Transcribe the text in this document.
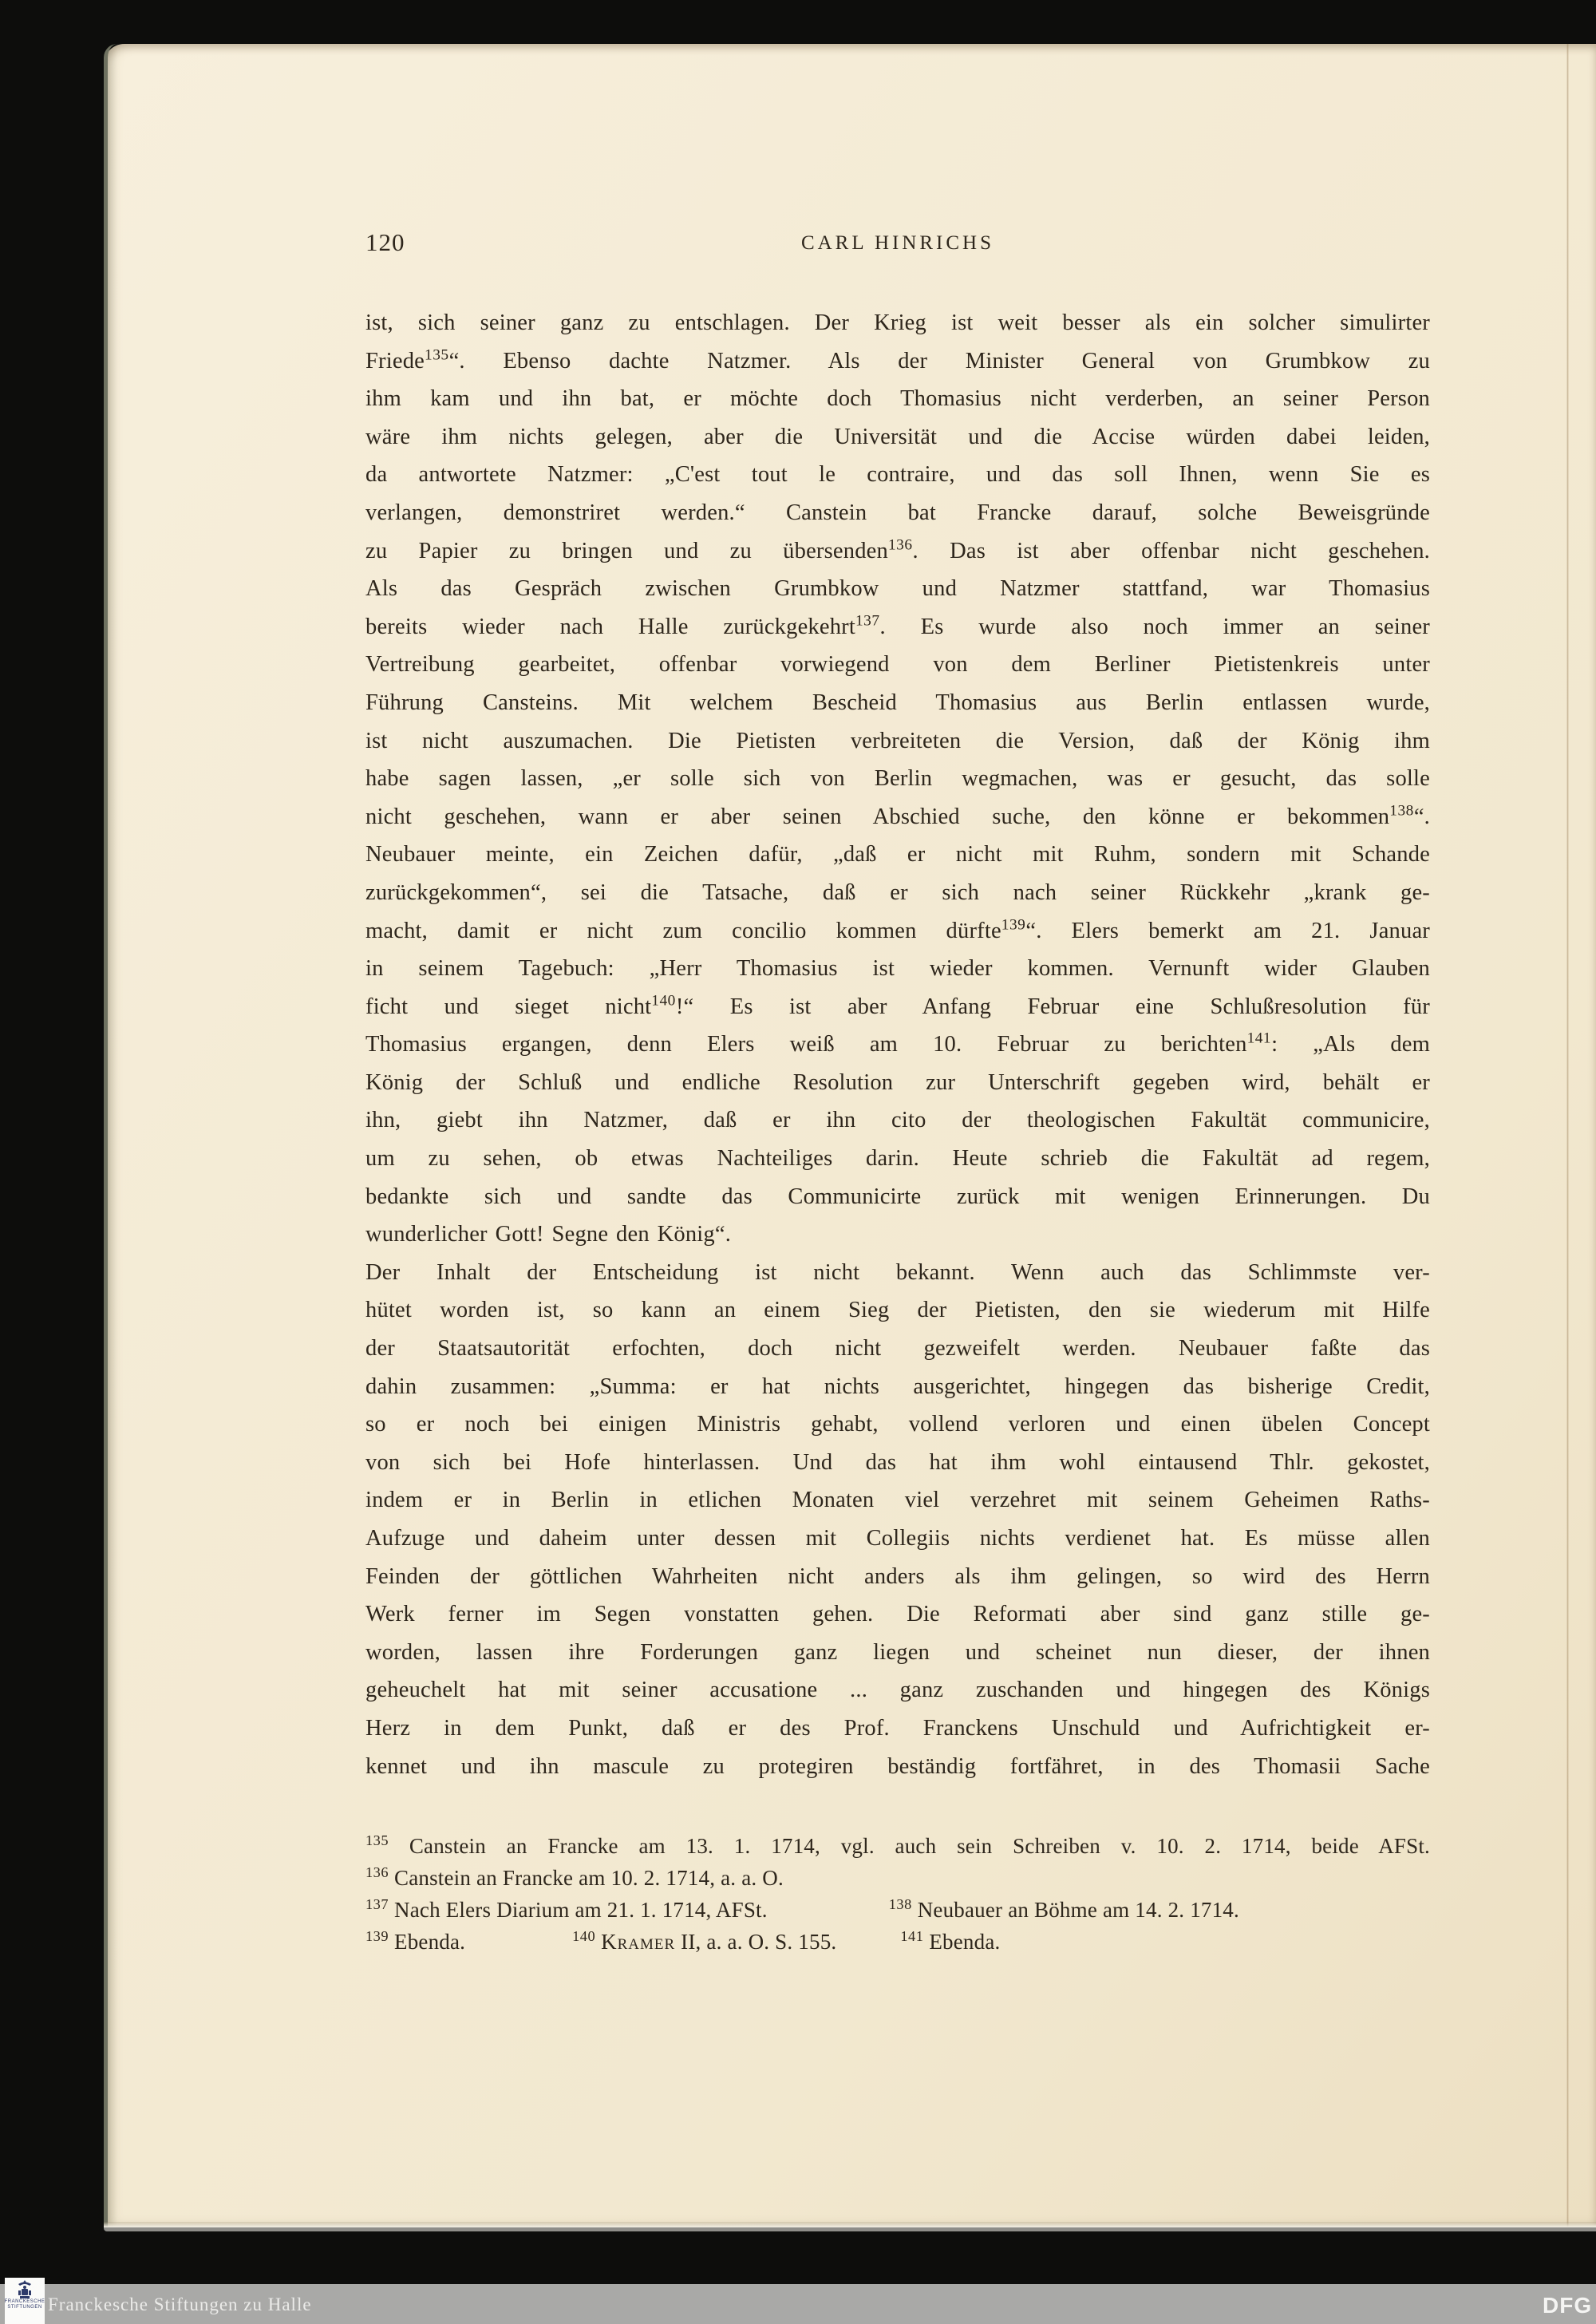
120	CARL HINRICHS
ist, sich seiner ganz zu entschlagen. Der Krieg ist weit besser als ein solcher simulirter
Friede$^{135}$“. Ebenso dachte Natzmer. Als der Minister General von Grumbkow zu
ihm kam und ihn bat, er möchte doch Thomasius nicht verderben, an seiner Person
wäre ihm nichts gelegen, aber die Universität und die Accise würden dabei leiden,
da antwortete Natzmer: „C'est tout le contraire, und das soll Ihnen, wenn Sie es
verlangen, demonstriret werden.“ Canstein bat Francke darauf, solche Beweisgründe
zu Papier zu bringen und zu übersenden$^{136}$. Das ist aber offenbar nicht geschehen.
Als das Gespräch zwischen Grumbkow und Natzmer stattfand, war Thomasius
bereits wieder nach Halle zurückgekehrt$^{137}$. Es wurde also noch immer an seiner
Vertreibung gearbeitet, offenbar vorwiegend von dem Berliner Pietistenkreis unter
Führung Cansteins. Mit welchem Bescheid Thomasius aus Berlin entlassen wurde,
ist nicht auszumachen. Die Pietisten verbreiteten die Version, daß der König ihm
habe sagen lassen, „er solle sich von Berlin wegmachen, was er gesucht, das solle
nicht geschehen, wann er aber seinen Abschied suche, den könne er bekommen$^{138}$“.
Neubauer meinte, ein Zeichen dafür, „daß er nicht mit Ruhm, sondern mit Schande
zurückgekommen“, sei die Tatsache, daß er sich nach seiner Rückkehr „krank ge-
macht, damit er nicht zum concilio kommen dürfte$^{139}$“. Elers bemerkt am 21. Januar
in seinem Tagebuch: „Herr Thomasius ist wieder kommen. Vernunft wider Glauben
ficht und sieget nicht$^{140}$!“ Es ist aber Anfang Februar eine Schlußresolution für
Thomasius ergangen, denn Elers weiß am 10. Februar zu berichten$^{141}$: „Als dem
König der Schluß und endliche Resolution zur Unterschrift gegeben wird, behält er
ihn, giebt ihn Natzmer, daß er ihn cito der theologischen Fakultät communicire,
um zu sehen, ob etwas Nachteiliges darin. Heute schrieb die Fakultät ad regem,
bedankte sich und sandte das Communicirte zurück mit wenigen Erinnerungen. Du
wunderlicher Gott! Segne den König“.
Der Inhalt der Entscheidung ist nicht bekannt. Wenn auch das Schlimmste ver-
hütet worden ist, so kann an einem Sieg der Pietisten, den sie wiederum mit Hilfe
der Staatsautorität erfochten, doch nicht gezweifelt werden. Neubauer faßte das
dahin zusammen: „Summa: er hat nichts ausgerichtet, hingegen das bisherige Credit,
so er noch bei einigen Ministris gehabt, vollend verloren und einen übelen Concept
von sich bei Hofe hinterlassen. Und das hat ihm wohl eintausend Thlr. gekostet,
indem er in Berlin in etlichen Monaten viel verzehret mit seinem Geheimen Raths-
Aufzuge und daheim unter dessen mit Collegiis nichts verdienet hat. Es müsse allen
Feinden der göttlichen Wahrheiten nicht anders als ihm gelingen, so wird des Herrn
Werk ferner im Segen vonstatten gehen. Die Reformati aber sind ganz stille ge-
worden, lassen ihre Forderungen ganz liegen und scheinet nun dieser, der ihnen
geheuchelt hat mit seiner accusatione ... ganz zuschanden und hingegen des Königs
Herz in dem Punkt, daß er des Prof. Franckens Unschuld und Aufrichtigkeit er-
kennet und ihn mascule zu protegiren beständig fortfähret, in des Thomasii Sache
$^{135}$ Canstein an Francke am 13. 1. 1714, vgl. auch sein Schreiben v. 10. 2. 1714, beide AFSt.
$^{136}$ Canstein an Francke am 10. 2. 1714, a. a. O.
$^{137}$ Nach Elers Diarium am 21. 1. 1714, AFSt.	$^{138}$ Neubauer an Böhme am 14. 2. 1714.
$^{139}$ Ebenda.	$^{140}$ Kramer II, a. a. O. S. 155.	$^{141}$ Ebenda.
FRANCKESCHE
STIFTUNGEN Franckesche Stiftungen zu Halle	DFG
